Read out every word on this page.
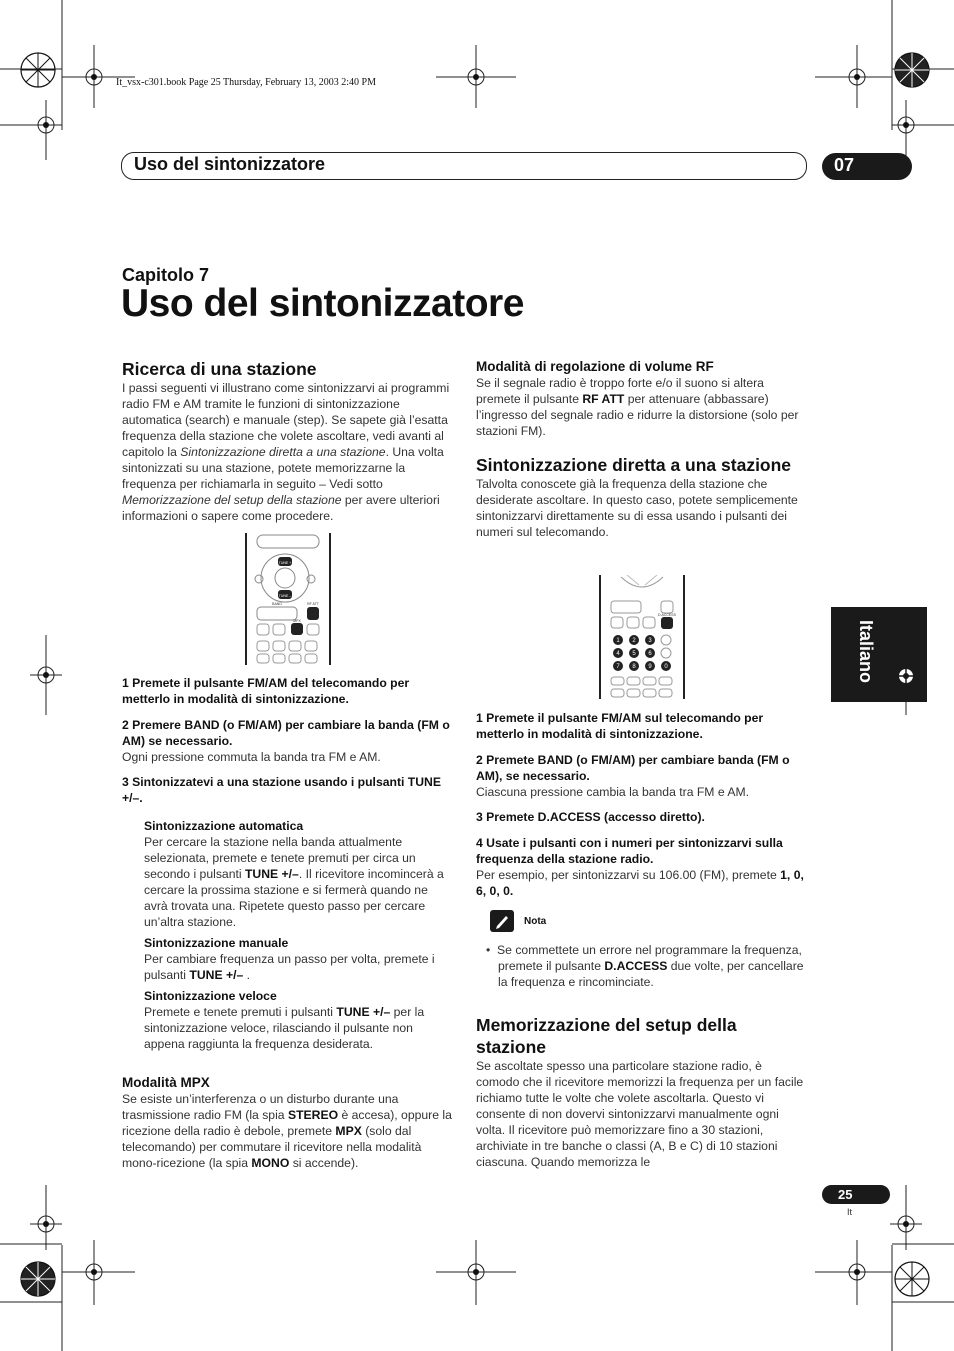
It_vsx-c301.book Page 25 Thursday, February 13, 2003 2:40 PM
Uso del sintonizzatore	07
Capitolo 7
Uso del sintonizzatore
Ricerca di una stazione

I passi seguenti vi illustrano come sintonizzarvi ai programmi radio FM e AM tramite le funzioni di sintonizzazione automatica (search) e manuale (step). Se sapete già l’esatta frequenza della stazione che volete ascoltare, vedi avanti al capitolo la Sintonizzazione diretta a una stazione. Una volta sintonizzati su una stazione, potete memorizzarne la frequenza per richiamarla in seguito – Vedi sotto Memorizzazione del setup della stazione per avere ulteriori informazioni o sapere come procedere.

TUNE +
TUNE –
BAND
MPX
RF ATT

1 Premete il pulsante FM/AM del telecomando per metterlo in modalità di sintonizzazione.

2 Premere BAND (o FM/AM) per cambiare la banda (FM o AM) se necessario.

Ogni pressione commuta la banda tra FM e AM.

3 Sintonizzatevi a una stazione usando i pulsanti TUNE +/–.

Sintonizzazione automatica

Per cercare la stazione nella banda attualmente selezionata, premete e tenete premuti per circa un secondo i pulsanti TUNE +/–. Il ricevitore incomincerà a cercare la prossima stazione e si fermerà quando ne avrà trovata una. Ripetete questo passo per cercare un’altra stazione.

Sintonizzazione manuale

Per cambiare frequenza un passo per volta, premete i pulsanti TUNE +/– .

Sintonizzazione veloce

Premete e tenete premuti i pulsanti TUNE +/– per la sintonizzazione veloce, rilasciando il pulsante non appena raggiunta la frequenza desiderata.

Modalità MPX

Se esiste un’interferenza o un disturbo durante una trasmissione radio FM (la spia STEREO è accesa), oppure la ricezione della radio è debole, premete MPX (solo dal telecomando) per commutare il ricevitore nella modalità mono-ricezione (la spia MONO si accende).

Modalità di regolazione di volume RF

Se il segnale radio è troppo forte e/o il suono si altera premete il pulsante RF ATT per attenuare (abbassare) l’ingresso del segnale radio e ridurre la distorsione (solo per stazioni FM).

Sintonizzazione diretta a una stazione

Talvolta conoscete già la frequenza della stazione che desiderate ascoltare. In questo caso, potete semplicemente sintonizzarvi direttamente su di essa usando i pulsanti dei numeri sul telecomando.

1 2 3
4 5 6
7 8 9 0
D.ACCESS

1 Premete il pulsante FM/AM sul telecomando per metterlo in modalità di sintonizzazione.

2 Premete BAND (o FM/AM) per cambiare banda (FM o AM), se necessario.

Ciascuna pressione cambia la banda tra FM e AM.

3 Premete D.ACCESS (accesso diretto).

4 Usate i pulsanti con i numeri per sintonizzarvi sulla frequenza della stazione radio.

Per esempio, per sintonizzarvi su 106.00 (FM), premete 1, 0, 6, 0, 0.

Nota

•  Se commettete un errore nel programmare la frequenza, premete il pulsante D.ACCESS due volte, per cancellare la frequenza e rincominciate.

Memorizzazione del setup della stazione

Se ascoltate spesso una particolare stazione radio, è comodo che il ricevitore memorizzi la frequenza per un facile richiamo tutte le volte che volete ascoltarla. Questo vi consente di non dovervi sintonizzarvi manualmente ogni volta. Il ricevitore può memorizzare fino a 30 stazioni, archiviate in tre banche o classi (A, B e C) di 10 stazioni ciascuna. Quando memorizza le

Italiano
25
It
